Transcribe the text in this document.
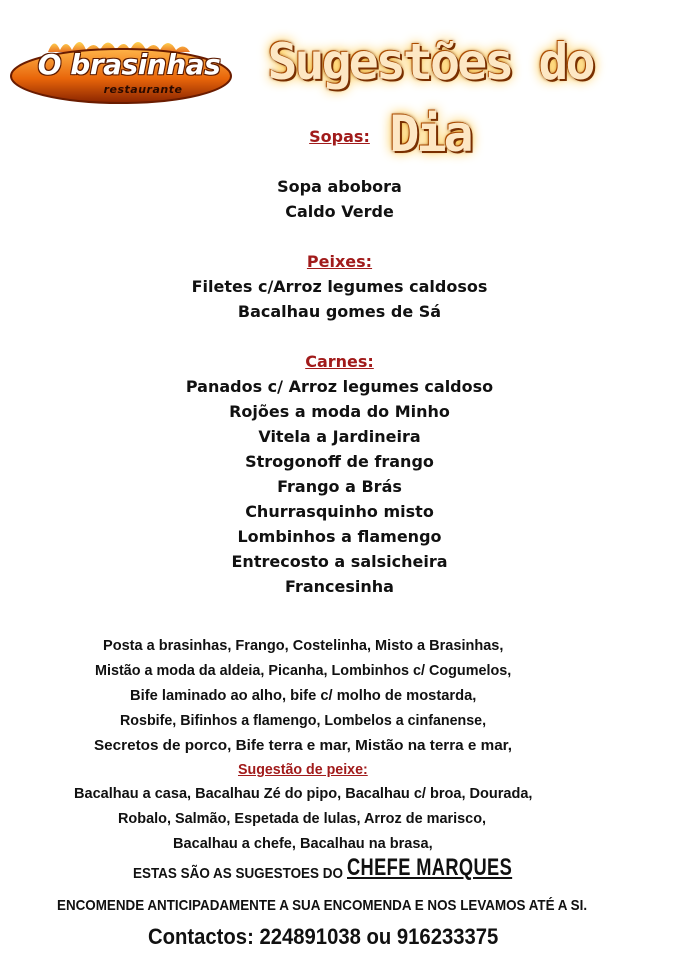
O brasinhas
restaurante	Sugestões do Dia
Sopas:
Sopa abobora
Caldo Verde
Peixes:
Filetes c/Arroz legumes caldosos
Bacalhau gomes de Sá
Carnes:
Panados c/ Arroz legumes caldoso
Rojões a moda do Minho
Vitela a Jardineira
Strogonoff de frango
Frango a Brás
Churrasquinho misto
Lombinhos a flamengo
Entrecosto a salsicheira
Francesinha
Posta a brasinhas, Frango, Costelinha, Misto a Brasinhas,
Mistão a moda da aldeia, Picanha, Lombinhos c/ Cogumelos,
Bife laminado ao alho, bife c/ molho de mostarda,
Rosbife, Bifinhos a flamengo, Lombelos a cinfanense,
Secretos de porco, Bife terra e mar, Mistão na terra e mar,
Sugestão de peixe:
Bacalhau a casa, Bacalhau Zé do pipo, Bacalhau c/ broa, Dourada,
Robalo, Salmão, Espetada de lulas, Arroz de marisco,
Bacalhau a chefe, Bacalhau na brasa,
ESTAS SÃO AS SUGESTOES DO CHEFE MARQUES
ENCOMENDE ANTICIPADAMENTE A SUA ENCOMENDA E NOS LEVAMOS ATÉ A SI.
Contactos: 224891038 ou 916233375
